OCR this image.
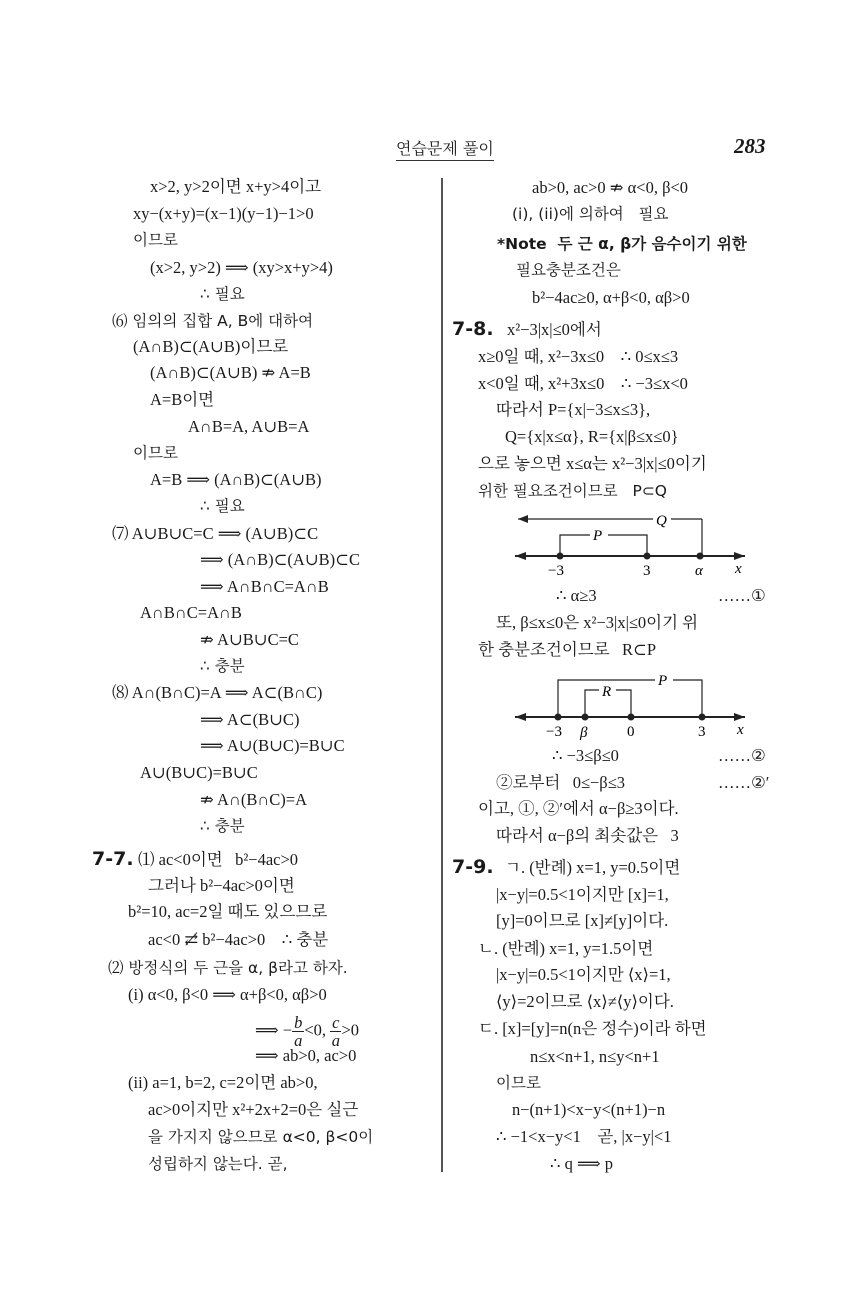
연습문제 풀이	283
x>2, y>2이면 x+y>4이고
xy−(x+y)=(x−1)(y−1)−1>0
이므로
(x>2, y>2) ⟹ (xy>x+y>4)
∴ 필요
⑹ 임의의 집합 A, B에 대하여
(A∩B)⊂(A∪B)이므로
(A∩B)⊂(A∪B) ⇏ A=B
A=B이면
A∩B=A, A∪B=A
이므로
A=B ⟹ (A∩B)⊂(A∪B)
∴ 필요
⑺ A∪B∪C=C ⟹ (A∪B)⊂C
⟹ (A∩B)⊂(A∪B)⊂C
⟹ A∩B∩C=A∩B
A∩B∩C=A∩B
⇏ A∪B∪C=C
∴ 충분
⑻ A∩(B∩C)=A ⟹ A⊂(B∩C)
⟹ A⊂(B∪C)
⟹ A∪(B∪C)=B∪C
A∪(B∪C)=B∪C
⇏ A∩(B∩C)=A
∴ 충분
7-7. ⑴ ac<0이면   b²−4ac>0
그러나 b²−4ac>0이면
b²=10, ac=2일 때도 있으므로
ac<0 ⇄̸ b²−4ac>0    ∴ 충분
⑵ 방정식의 두 근을 α, β라고 하자.
(i) α<0, β<0 ⟹ α+β<0, αβ>0
⟹ − $\frac{b}{a} <0$, $\frac{c}{a} >0$
⟹ ab>0, ac>0
(ii) a=1, b=2, c=2이면 ab>0,
ac>0이지만 x²+2x+2=0은 실근
을 가지지 않으므로 α<0, β<0이
성립하지 않는다. 곧,
ab>0, ac>0 ⇏ α<0, β<0
(i), (ii)에 의하여   필요
*Note  두 근 α, β가 음수이기 위한
필요충분조건은
b²−4ac≥0, α+β<0, αβ>0
7-8. x²−3|x|≤0에서
x≥0일 때, x²−3x≤0    ∴ 0≤x≤3
x<0일 때, x²+3x≤0    ∴ −3≤x<0
따라서 P={x|−3≤x≤3},
Q={x|x≤α}, R={x|β≤x≤0}
으로 놓으면 x≤α는 x²−3|x|≤0이기
위한 필요조건이므로   P⊂Q
Q
P
−3	3	α x
∴ α≥3	……①
또, β≤x≤0은 x²−3|x|≤0이기 위
한 충분조건이므로   R⊂P
P
R
−3 β	0	3 x
∴ −3≤β≤0	……②
②로부터   0≤−β≤3	……②′
이고, ①, ②′에서 α−β≥3이다.
따라서 α−β의 최솟값은   3
7-9. ㄱ. (반례) x=1, y=0.5이면
|x−y|=0.5<1이지만 [x]=1,
[y]=0이므로 [x]≠[y]이다.
ㄴ. (반례) x=1, y=1.5이면
|x−y|=0.5<1이지만 ⟨x⟩=1,
⟨y⟩=2이므로 ⟨x⟩≠⟨y⟩이다.
ㄷ. [x]=[y]=n(n은 정수)이라 하면
n≤x<n+1, n≤y<n+1
이므로
n−(n+1)<x−y<(n+1)−n
∴ −1<x−y<1    곧, |x−y|<1
∴ q ⟹ p
